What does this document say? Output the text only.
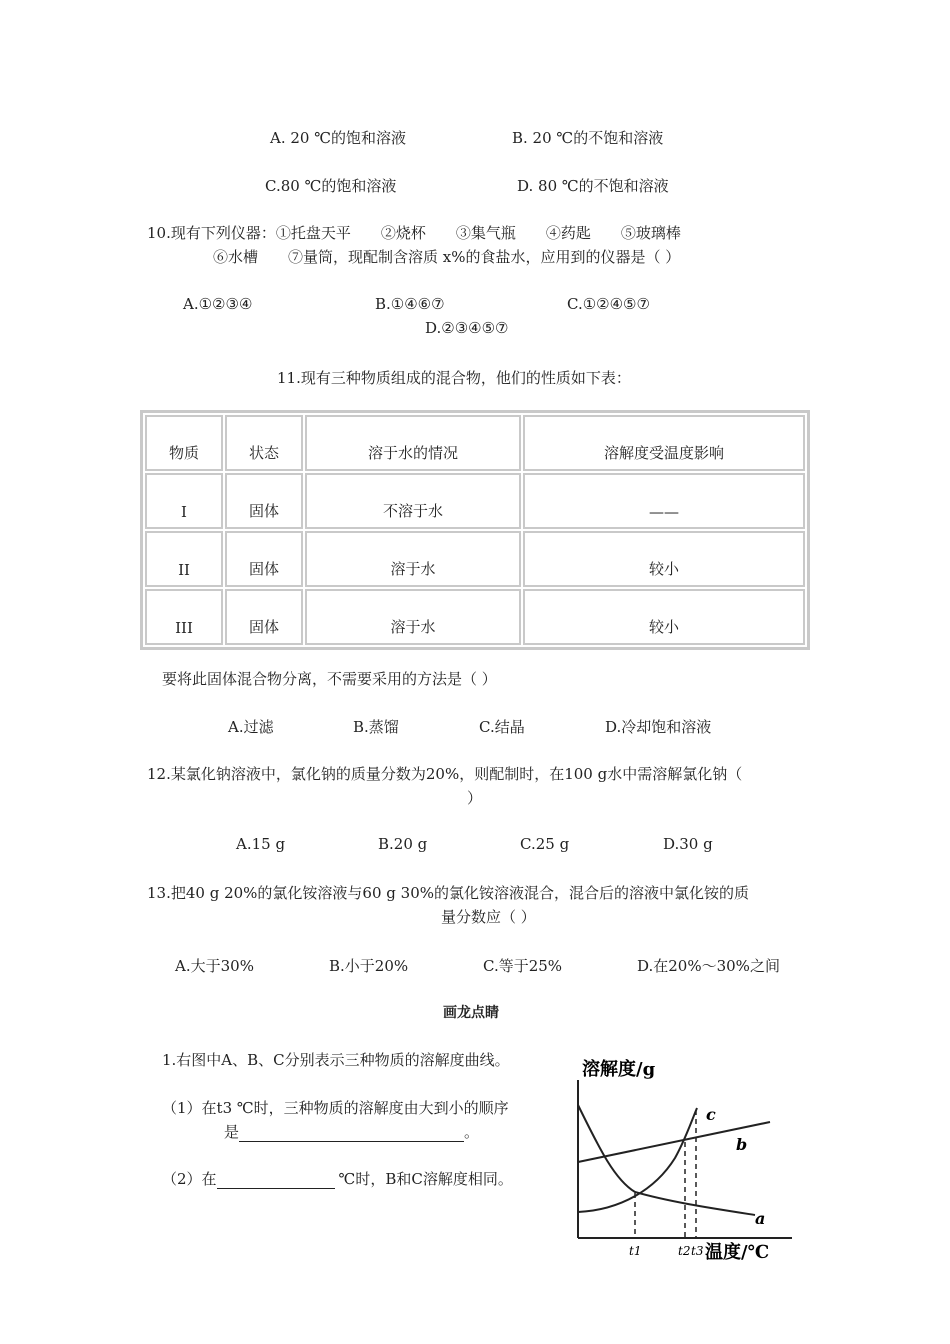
A. 20 ℃的饱和溶液	B. 20 ℃的不饱和溶液
C.80 ℃的饱和溶液	D. 80 ℃的不饱和溶液
10.现有下列仪器：①托盘天平　　②烧杯　　③集气瓶　　④药匙　　⑤玻璃棒
⑥水槽　　⑦量筒，现配制含溶质 x%的食盐水，应用到的仪器是（ ）
A.①②③④	B.①④⑥⑦	C.①②④⑤⑦
D.②③④⑤⑦
11.现有三种物质组成的混合物，他们的性质如下表：
物质	状态	溶于水的情况	溶解度受温度影响
I	固体	不溶于水	——
II	固体	溶于水	较小
III	固体	溶于水	较小
要将此固体混合物分离，不需要采用的方法是（ ）
A.过滤	B.蒸馏	C.结晶	D.冷却饱和溶液
12.某氯化钠溶液中，氯化钠的质量分数为20%，则配制时，在100 g水中需溶解氯化钠（
）
A.15 g	B.20 g	C.25 g	D.30 g
13.把40 g 20%的氯化铵溶液与60 g 30%的氯化铵溶液混合，混合后的溶液中氯化铵的质
量分数应（ ）
A.大于30%	B.小于20%	C.等于25%	D.在20%～30%之间
画龙点睛
1.右图中A、B、C分别表示三种物质的溶解度曲线。
（1）在t3 ℃时，三种物质的溶解度由大到小的顺序
是	。
（2）在	℃时，B和C溶解度相同。
溶解度/g
温度/℃
a
b
c
t1	t2 t3
